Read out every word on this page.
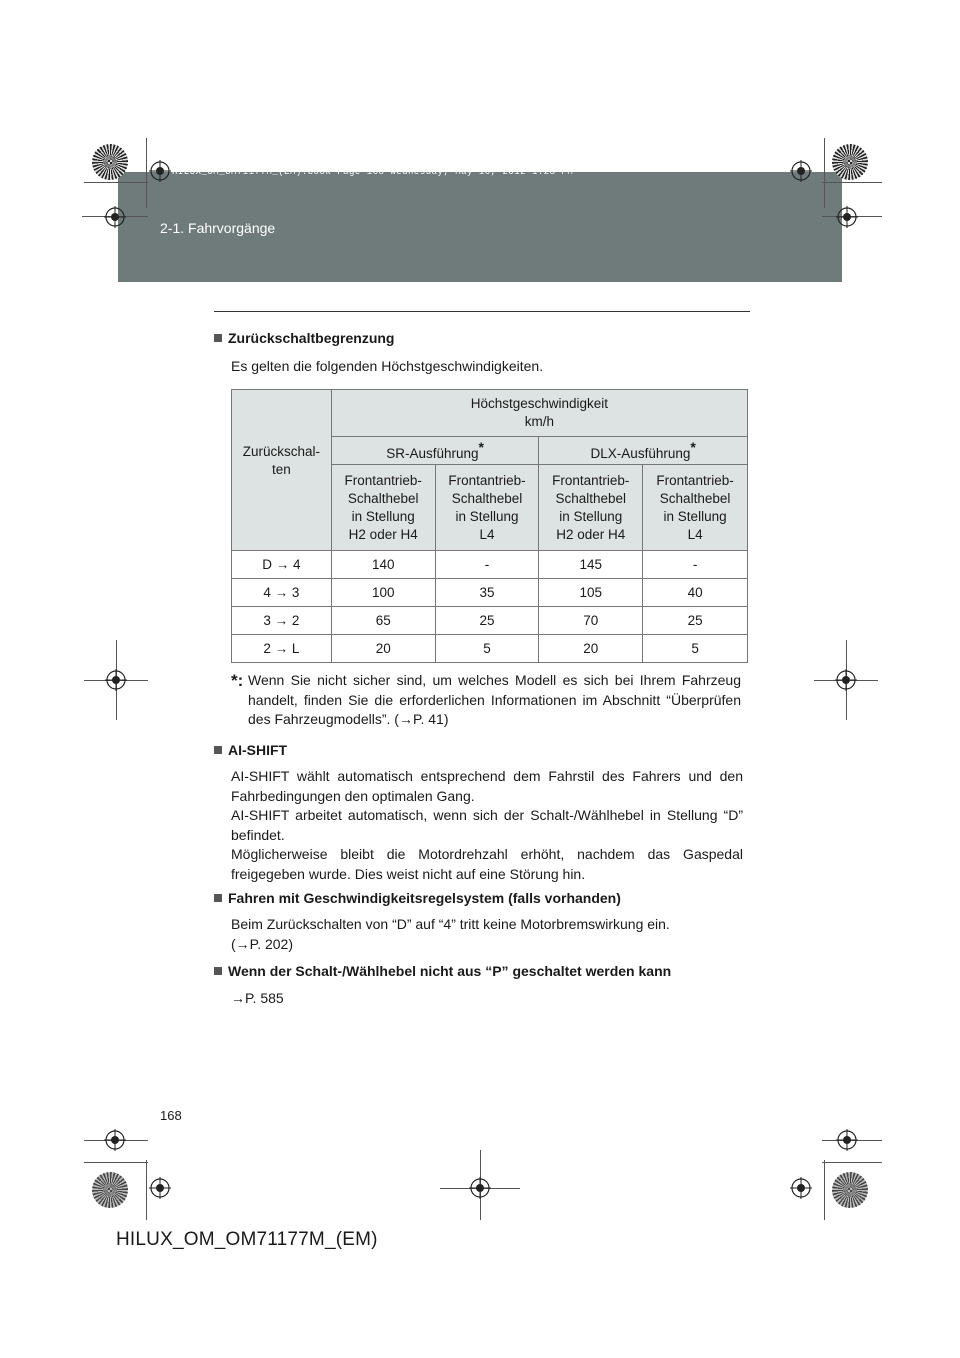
2-1. Fahrvorgänge
HILUX_OM_OM71177M_(EM).book Page 168 Wednesday, May 16, 2012 1:28 PM
Zurückschaltbegrenzung
Es gelten die folgenden Höchstgeschwindigkeiten.
Zurückschal-
ten	Höchstgeschwindigkeit
km/h			
	SR-Ausführung*		DLX-Ausführung*
	Frontantrieb-
Schalthebel
in Stellung
H2 oder H4	Frontantrieb-
Schalthebel
in Stellung
L4	Frontantrieb-
Schalthebel
in Stellung
H2 oder H4	Frontantrieb-
Schalthebel
in Stellung
L4
D → 4	140	-	145	-
4 → 3	100	35	105	40
3 → 2	65	25	70	25
2 → L	20	5	20	5
*: Wenn Sie nicht sicher sind, um welches Modell es sich bei Ihrem Fahrzeug handelt, finden Sie die erforderlichen Informationen im Abschnitt “Überprüfen des Fahrzeugmodells”. (→P. 41)
AI-SHIFT
AI-SHIFT wählt automatisch entsprechend dem Fahrstil des Fahrers und den Fahrbedingungen den optimalen Gang.
AI-SHIFT arbeitet automatisch, wenn sich der Schalt-/Wählhebel in Stellung “D” befindet.
Möglicherweise bleibt die Motordrehzahl erhöht, nachdem das Gaspedal freigegeben wurde. Dies weist nicht auf eine Störung hin.
Fahren mit Geschwindigkeitsregelsystem (falls vorhanden)
Beim Zurückschalten von “D” auf “4” tritt keine Motorbremswirkung ein.
(→P. 202)
Wenn der Schalt-/Wählhebel nicht aus “P” geschaltet werden kann
→P. 585
168
HILUX_OM_OM71177M_(EM)
